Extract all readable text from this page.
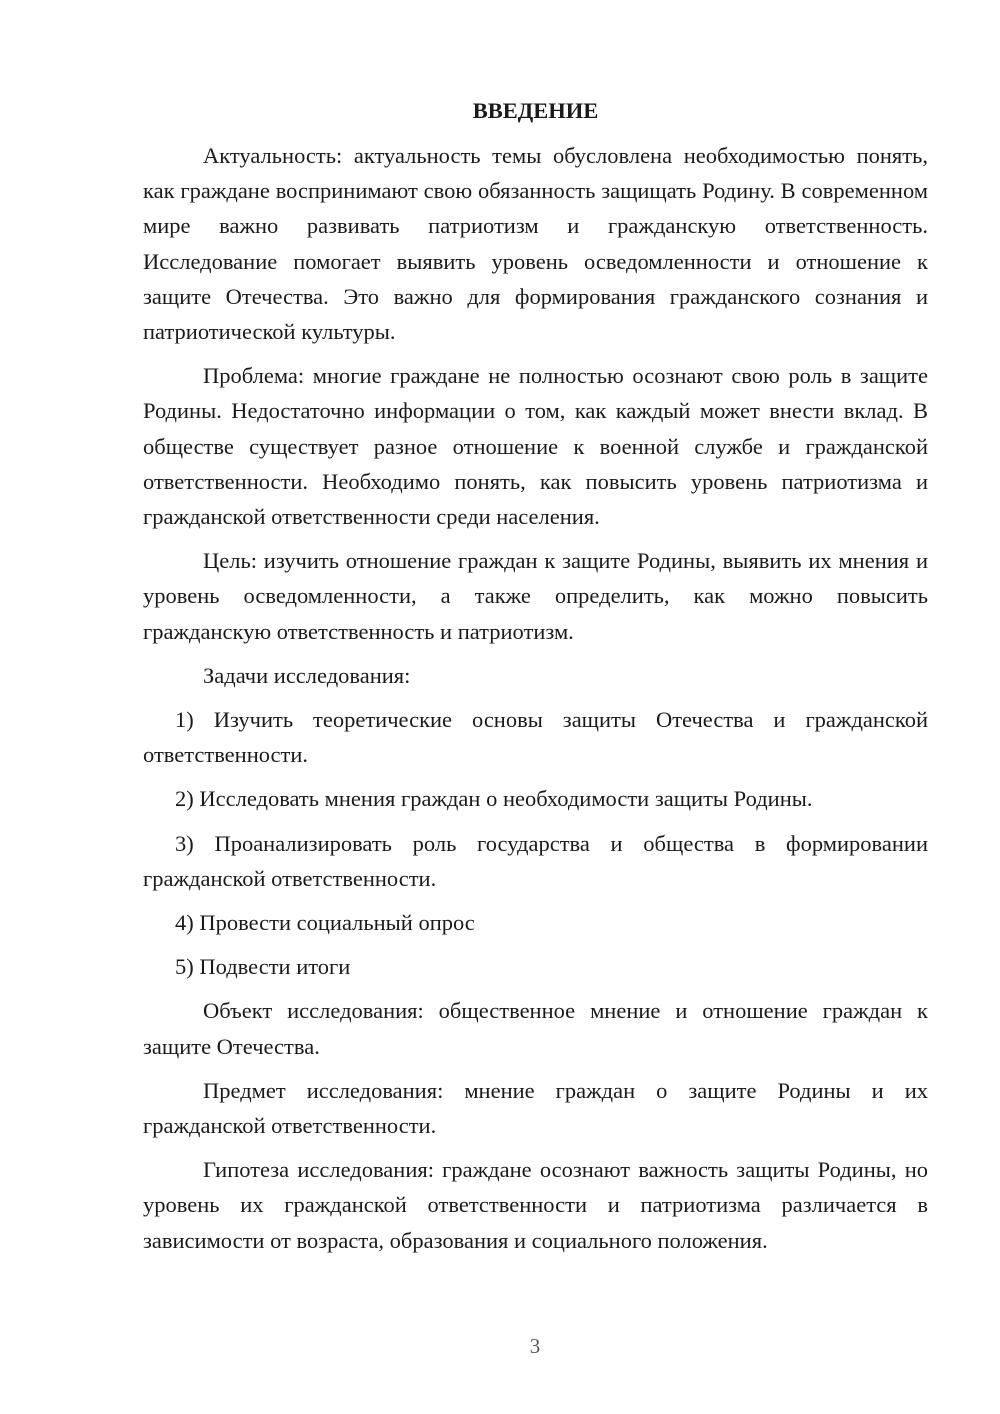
ВВЕДЕНИЕ

Актуальность: актуальность темы обусловлена необходимостью понять, как граждане воспринимают свою обязанность защищать Родину. В современном мире важно развивать патриотизм и гражданскую ответственность. Исследование помогает выявить уровень осведомленности и отношение к защите Отечества. Это важно для формирования гражданского сознания и патриотической культуры.

Проблема: многие граждане не полностью осознают свою роль в защите Родины. Недостаточно информации о том, как каждый может внести вклад. В обществе существует разное отношение к военной службе и гражданской ответственности. Необходимо понять, как повысить уровень патриотизма и гражданской ответственности среди населения.

Цель: изучить отношение граждан к защите Родины, выявить их мнения и уровень осведомленности, а также определить, как можно повысить гражданскую ответственность и патриотизм.

Задачи исследования:

1) Изучить теоретические основы защиты Отечества и гражданской ответственности.

2) Исследовать мнения граждан о необходимости защиты Родины.

3) Проанализировать роль государства и общества в формировании гражданской ответственности.

4) Провести социальный опрос

5) Подвести итоги

Объект исследования: общественное мнение и отношение граждан к защите Отечества.

Предмет исследования: мнение граждан о защите Родины и их гражданской ответственности.

Гипотеза исследования: граждане осознают важность защиты Родины, но уровень их гражданской ответственности и патриотизма различается в зависимости от возраста, образования и социального положения.

3
